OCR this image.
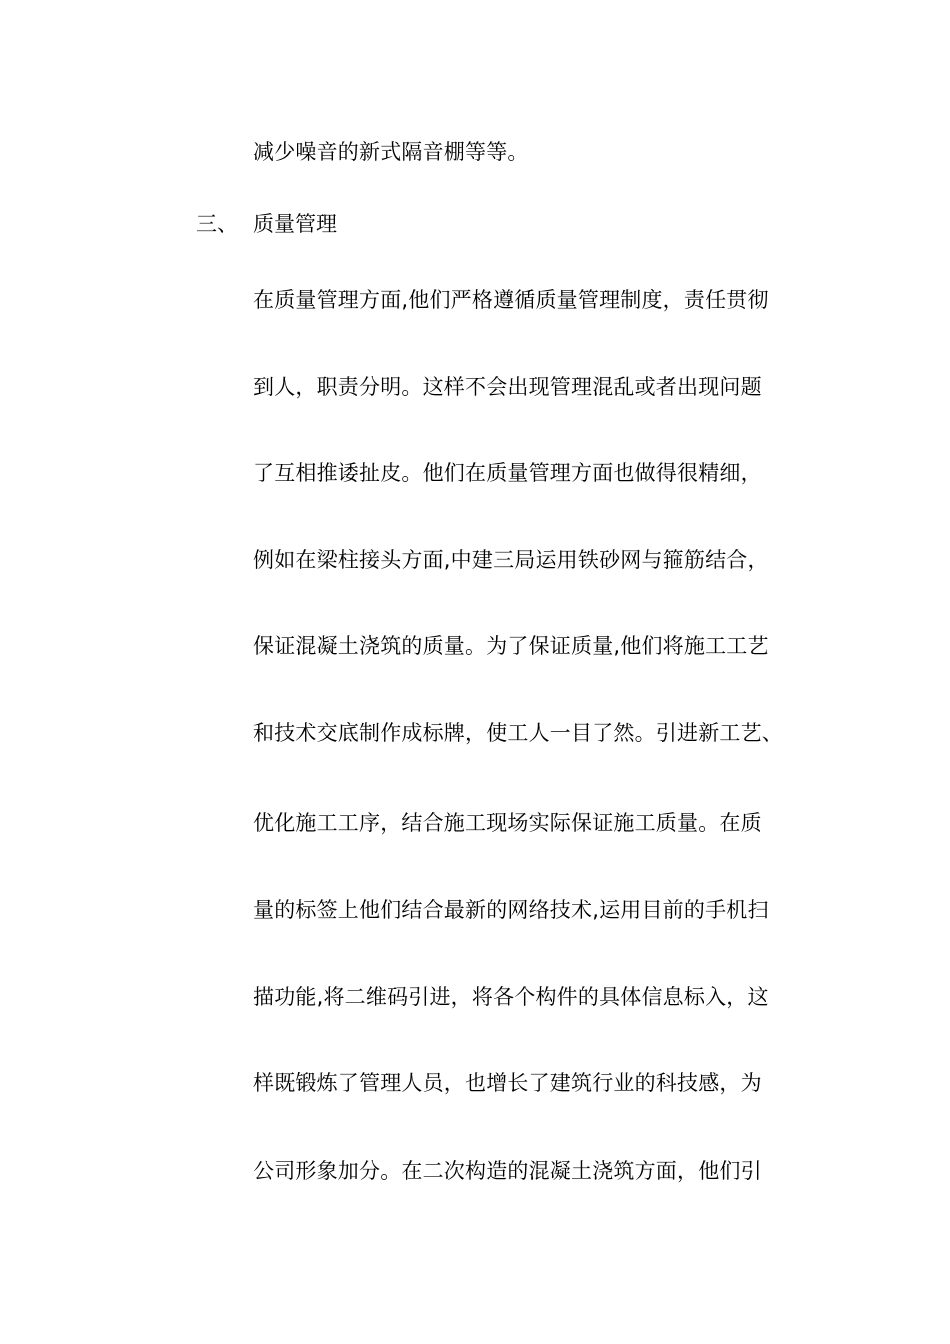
减少噪音的新式隔音棚等等。
三、 质量管理
在质量管理方面,他们严格遵循质量管理制度，责任贯彻
到人，职责分明。这样不会出现管理混乱或者出现问题
了互相推诿扯皮。他们在质量管理方面也做得很精细，
例如在梁柱接头方面,中建三局运用铁砂网与箍筋结合，
保证混凝土浇筑的质量。为了保证质量,他们将施工工艺
和技术交底制作成标牌，使工人一目了然。引进新工艺、
优化施工工序，结合施工现场实际保证施工质量。在质
量的标签上他们结合最新的网络技术,运用目前的手机扫
描功能,将二维码引进，将各个构件的具体信息标入，这
样既锻炼了管理人员，也增长了建筑行业的科技感，为
公司形象加分。在二次构造的混凝土浇筑方面，他们引
